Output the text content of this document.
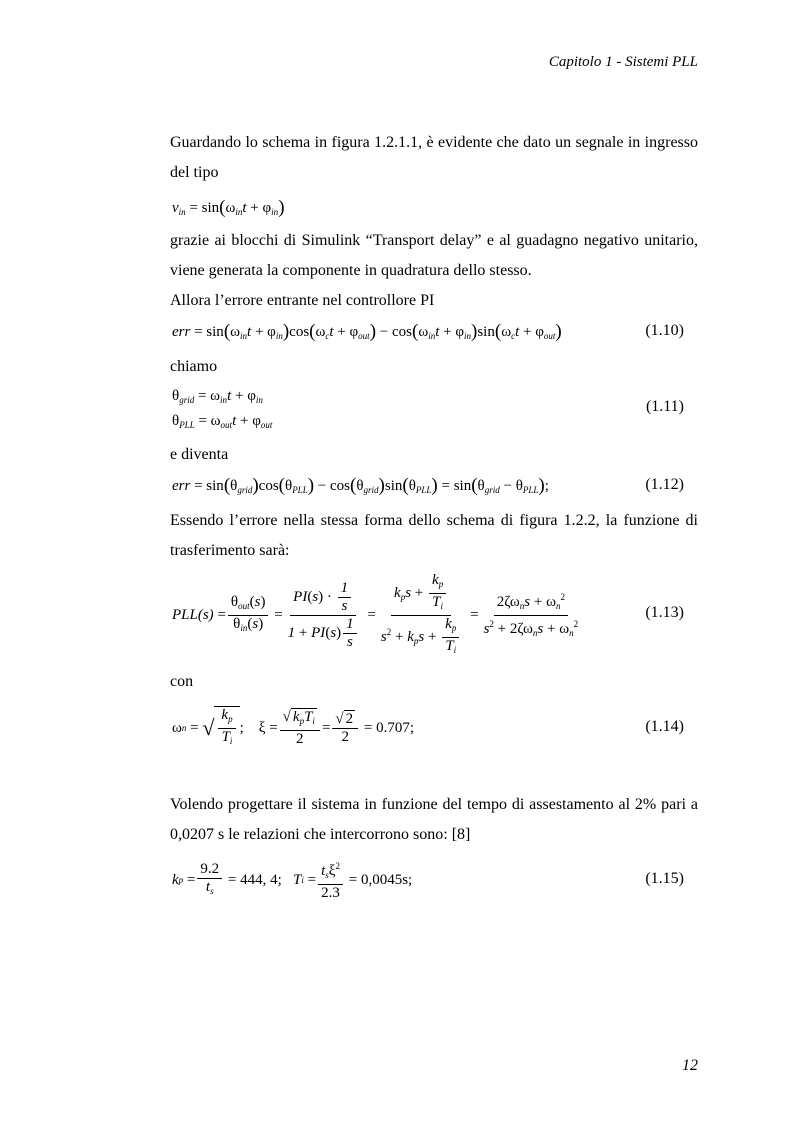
Capitolo 1 - Sistemi PLL
Guardando lo schema in figura 1.2.1.1, è evidente che dato un segnale in ingresso del tipo
$v_{in} = \sin(\omega_{in}t + \varphi_{in})$
grazie ai blocchi di Simulink “Transport delay” e al guadagno negativo unitario, viene generata la componente in quadratura dello stesso.
Allora l’errore entrante nel controllore PI
err = $\sin(\omega_{in}t + \varphi_{in})\cos(\omega_ct + \varphi_{out}) - \cos(\omega_{in}t + \varphi_{in})\sin(\omega_ct + \varphi_{out})$	(1.10)
chiamo
$\theta_{grid} = \omega_{in}t + \varphi_{in}$
$\theta_{PLL} = \omega_{out}t + \varphi_{out}$
(1.11)
e diventa
err = $\sin(\theta_{grid})\cos(\theta_{PLL}) - \cos(\theta_{grid})\sin(\theta_{PLL}) = \sin(\theta_{grid} - \theta_{PLL})$;	(1.12)
Essendo l’errore nella stessa forma dello schema di figura 1.2.2, la funzione di trasferimento sarà:
$PLL(s) = \frac{\theta_{out}(s)}{\theta_{in}(s)} = \frac{PI(s) \cdot \frac{1}{s}}{1 + PI(s) \frac{1}{s}} = \frac{k_ps + \frac{k_p}{T_i}}{s^2 + k_ps + \frac{k_p}{T_i}} = \frac{2\zeta\omega_ns + \omega_n^2}{s^2 + 2\zeta\omega_ns + \omega_n^2}$	(1.13)
con
ω n = √ $\frac{k_p}{T_i}$ ;    $\xi = \frac{√ k_pT_i}{2} = \frac{√ 2}{2}$
= 0.707;	(1.14)
Volendo progettare il sistema in funzione del tempo di assestamento al 2% pari a 0,0207 s le relazioni che intercorrono sono: [8]
k $p = \frac{9.2}{t_s}$
= 444, 4;
T $i = \frac{t_s\xi^2}{2.3}$
= 0,0045s;	(1.15)
12
